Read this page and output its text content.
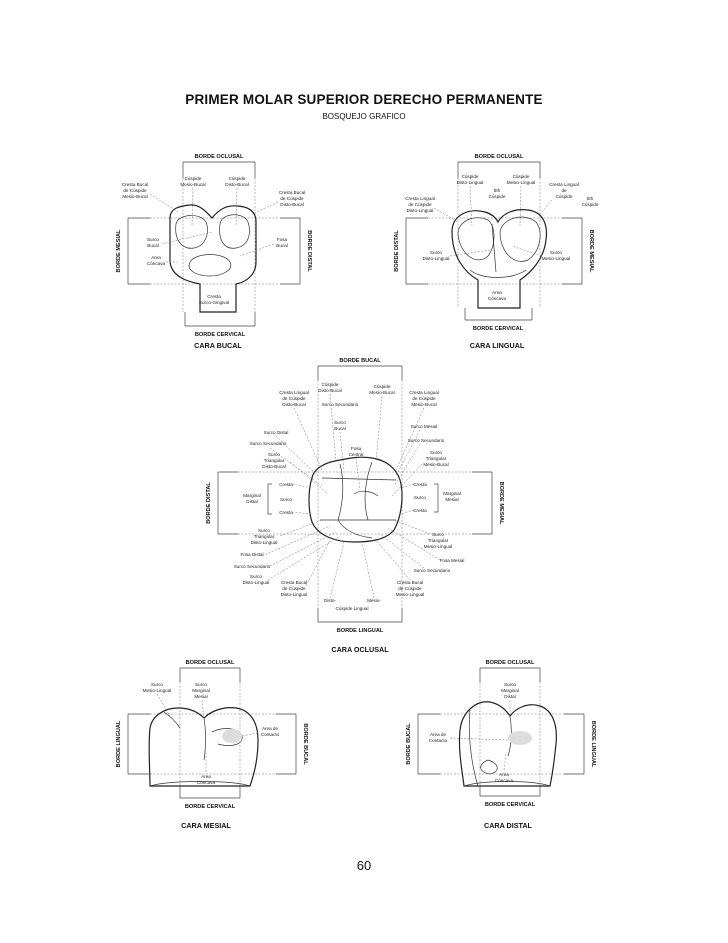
PRIMER MOLAR SUPERIOR DERECHO PERMANENTE
BOSQUEJO GRAFICO
BORDE OCLUSAL
BORDE MESIAL	BORDE DISTAL
BORDE CERVICAL
Cresta Bucal
de Cúspide
Mesio-Bucal
Cúspide
Mesio-Bucal
Cúspide
Disto-Bucal
Cresta Bucal
de Cúspide
Disto-Bucal
Surco
Bucal
Area
Cóncava
Fosa
Bucal
Cresta
Surco-Gingival
CARA BUCAL
BORDE OCLUSAL
BORDE DISTAL	BORDE MESIAL
BORDE CERVICAL
Cúspide
Disto-Lingual
Cúspide
Mesio-Lingual
5th
Cúspide
Cresta Lingual
de Cúspide
Disto-Lingual
Cresta Lingual
de
Cúspide	5th
Cúspide
Surco
Disto-Lingual
Surco
Mesio-Lingual
Area
Cóncava
CARA LINGUAL
BORDE BUCAL
BORDE DISTAL	BORDE MESIAL
BORDE LINGUAL
Cresta Lingual
de Cúspide
Disto-Bucal
Cúspide
Disto-Bucal
Cúspide
Mesio-Bucal	Cresta Lingual
de Cúspide
Mesio-Bucal
Surco Secundario
Surco
Bucal
Surco Distal
Surco Secundario
Surco
Triangular
Disto-Bucal
Fosa
Central
Surco Mesial
Surco Secundario
Surco
Triangular
Mesio-Bucal
Cresta
Marginal
Distal	Surco
Cresta
Cresta
Surco
Marginal
Mesial
Cresta
Surco
Triangular
Disto-Lingual
Fosa Distal
Surco Secundario
Surco
Disto-Lingual Cresta Bucal
de Cúspide
Disto-Lingual
Surco
Triangular
Mesio-Lingual
Fosa Mesial
Surco Secundario
Cresta Bucal
de Cúspide
Mesio-Lingual
Disto-	Mesio-
Cúspide Lingual
CARA OCLUSAL
BORDE OCLUSAL
BORDE LINGUAL	BORDE BUCAL
BORDE CERVICAL
Surco
Mesio-Lingual
Surco
Marginal
Mesial
Area de
Contacto
Area
Cóncava
CARA MESIAL
BORDE OCLUSAL
BORDE BUCAL	BORDE LINGUAL
BORDE CERVICAL
Surco
Marginal
Distal
Area de
Contacto
Area
Cóncava
CARA DISTAL
60
